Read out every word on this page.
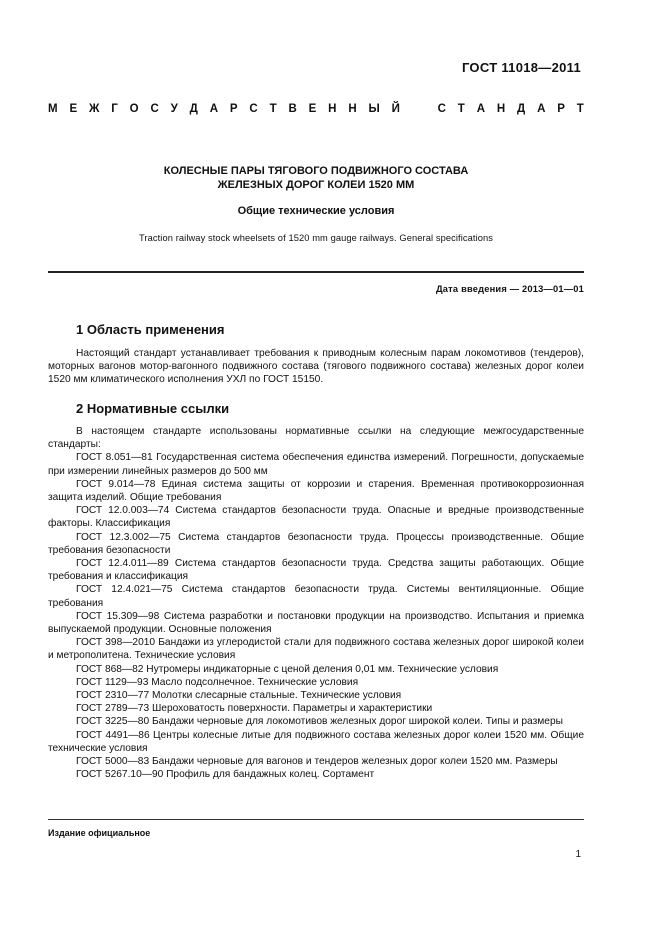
ГОСТ 11018—2011
М Е Ж Г О С У Д А Р С Т В Е Н Н Ы Й	С Т А Н Д А Р Т
КОЛЕСНЫЕ ПАРЫ ТЯГОВОГО ПОДВИЖНОГО СОСТАВА
ЖЕЛЕЗНЫХ ДОРОГ КОЛЕИ 1520 ММ
Общие технические условия
Traction railway stock wheelsets of 1520 mm gauge railways. General specifications
Дата введения — 2013—01—01
1 Область применения

Настоящий стандарт устанавливает требования к приводным колесным парам локомотивов (тендеров), моторных вагонов мотор-вагонного подвижного состава (тягового подвижного состава) железных дорог колеи 1520 мм климатического исполнения УХЛ по ГОСТ 15150.

2 Нормативные ссылки

В настоящем стандарте использованы нормативные ссылки на следующие межгосударственные стандарты:

ГОСТ 8.051—81 Государственная система обеспечения единства измерений. Погрешности, допускаемые при измерении линейных размеров до 500 мм

ГОСТ 9.014—78 Единая система защиты от коррозии и старения. Временная противокоррозионная защита изделий. Общие требования

ГОСТ 12.0.003—74 Система стандартов безопасности труда. Опасные и вредные производственные факторы. Классификация

ГОСТ 12.3.002—75 Система стандартов безопасности труда. Процессы производственные. Общие требования безопасности

ГОСТ 12.4.011—89 Система стандартов безопасности труда. Средства защиты работающих. Общие требования и классификация

ГОСТ 12.4.021—75 Система стандартов безопасности труда. Системы вентиляционные. Общие требования

ГОСТ 15.309—98 Система разработки и постановки продукции на производство. Испытания и приемка выпускаемой продукции. Основные положения

ГОСТ 398—2010 Бандажи из углеродистой стали для подвижного состава железных дорог широкой колеи и метрополитена. Технические условия

ГОСТ 868—82 Нутромеры индикаторные с ценой деления 0,01 мм. Технические условия

ГОСТ 1129—93 Масло подсолнечное. Технические условия

ГОСТ 2310—77 Молотки слесарные стальные. Технические условия

ГОСТ 2789—73 Шероховатость поверхности. Параметры и характеристики

ГОСТ 3225—80 Бандажи черновые для локомотивов железных дорог широкой колеи. Типы и размеры

ГОСТ 4491—86 Центры колесные литые для подвижного состава железных дорог колеи 1520 мм. Общие технические условия

ГОСТ 5000—83 Бандажи черновые для вагонов и тендеров железных дорог колеи 1520 мм. Размеры

ГОСТ 5267.10—90 Профиль для бандажных колец. Сортамент

Издание официальное
1
